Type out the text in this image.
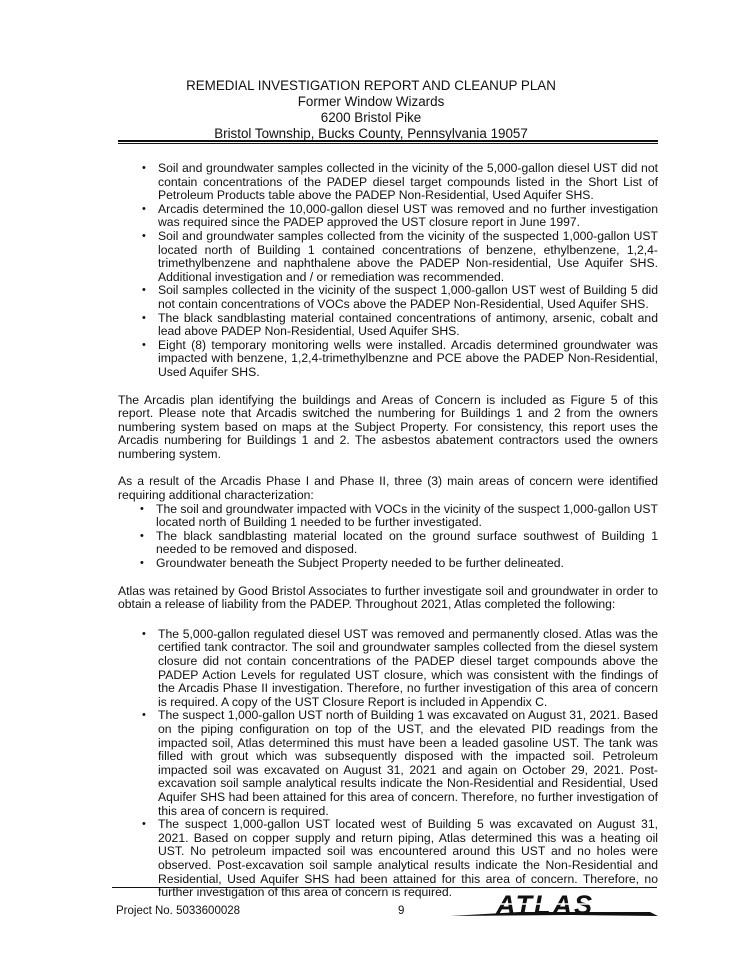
REMEDIAL INVESTIGATION REPORT AND CLEANUP PLAN
Former Window Wizards
6200 Bristol Pike
Bristol Township, Bucks County, Pennsylvania 19057
• Soil and groundwater samples collected in the vicinity of the 5,000-gallon diesel UST did not contain concentrations of the PADEP diesel target compounds listed in the Short List of Petroleum Products table above the PADEP Non-Residential, Used Aquifer SHS.
• Arcadis determined the 10,000-gallon diesel UST was removed and no further investigation was required since the PADEP approved the UST closure report in June 1997.
• Soil and groundwater samples collected from the vicinity of the suspected 1,000-gallon UST located north of Building 1 contained concentrations of benzene, ethylbenzene, 1,2,4-trimethylbenzene and naphthalene above the PADEP Non-residential, Use Aquifer SHS. Additional investigation and / or remediation was recommended.
• Soil samples collected in the vicinity of the suspect 1,000-gallon UST west of Building 5 did not contain concentrations of VOCs above the PADEP Non-Residential, Used Aquifer SHS.
• The black sandblasting material contained concentrations of antimony, arsenic, cobalt and lead above PADEP Non-Residential, Used Aquifer SHS.
• Eight (8) temporary monitoring wells were installed. Arcadis determined groundwater was impacted with benzene, 1,2,4-trimethylbenzne and PCE above the PADEP Non-Residential, Used Aquifer SHS.

The Arcadis plan identifying the buildings and Areas of Concern is included as Figure 5 of this report. Please note that Arcadis switched the numbering for Buildings 1 and 2 from the owners numbering system based on maps at the Subject Property. For consistency, this report uses the Arcadis numbering for Buildings 1 and 2. The asbestos abatement contractors used the owners numbering system.

As a result of the Arcadis Phase I and Phase II, three (3) main areas of concern were identified requiring additional characterization:

• The soil and groundwater impacted with VOCs in the vicinity of the suspect 1,000-gallon UST located north of Building 1 needed to be further investigated.
• The black sandblasting material located on the ground surface southwest of Building 1 needed to be removed and disposed.
• Groundwater beneath the Subject Property needed to be further delineated.

Atlas was retained by Good Bristol Associates to further investigate soil and groundwater in order to obtain a release of liability from the PADEP. Throughout 2021, Atlas completed the following:

• The 5,000-gallon regulated diesel UST was removed and permanently closed. Atlas was the certified tank contractor. The soil and groundwater samples collected from the diesel system closure did not contain concentrations of the PADEP diesel target compounds above the PADEP Action Levels for regulated UST closure, which was consistent with the findings of the Arcadis Phase II investigation. Therefore, no further investigation of this area of concern is required. A copy of the UST Closure Report is included in Appendix C.
• The suspect 1,000-gallon UST north of Building 1 was excavated on August 31, 2021. Based on the piping configuration on top of the UST, and the elevated PID readings from the impacted soil, Atlas determined this must have been a leaded gasoline UST. The tank was filled with grout which was subsequently disposed with the impacted soil. Petroleum impacted soil was excavated on August 31, 2021 and again on October 29, 2021. Post-excavation soil sample analytical results indicate the Non-Residential and Residential, Used Aquifer SHS had been attained for this area of concern. Therefore, no further investigation of this area of concern is required.
• The suspect 1,000-gallon UST located west of Building 5 was excavated on August 31, 2021. Based on copper supply and return piping, Atlas determined this was a heating oil UST. No petroleum impacted soil was encountered around this UST and no holes were observed. Post-excavation soil sample analytical results indicate the Non-Residential and Residential, Used Aquifer SHS had been attained for this area of concern. Therefore, no further investigation of this area of concern is required.
Project No. 5033600028	9	ATLAS
